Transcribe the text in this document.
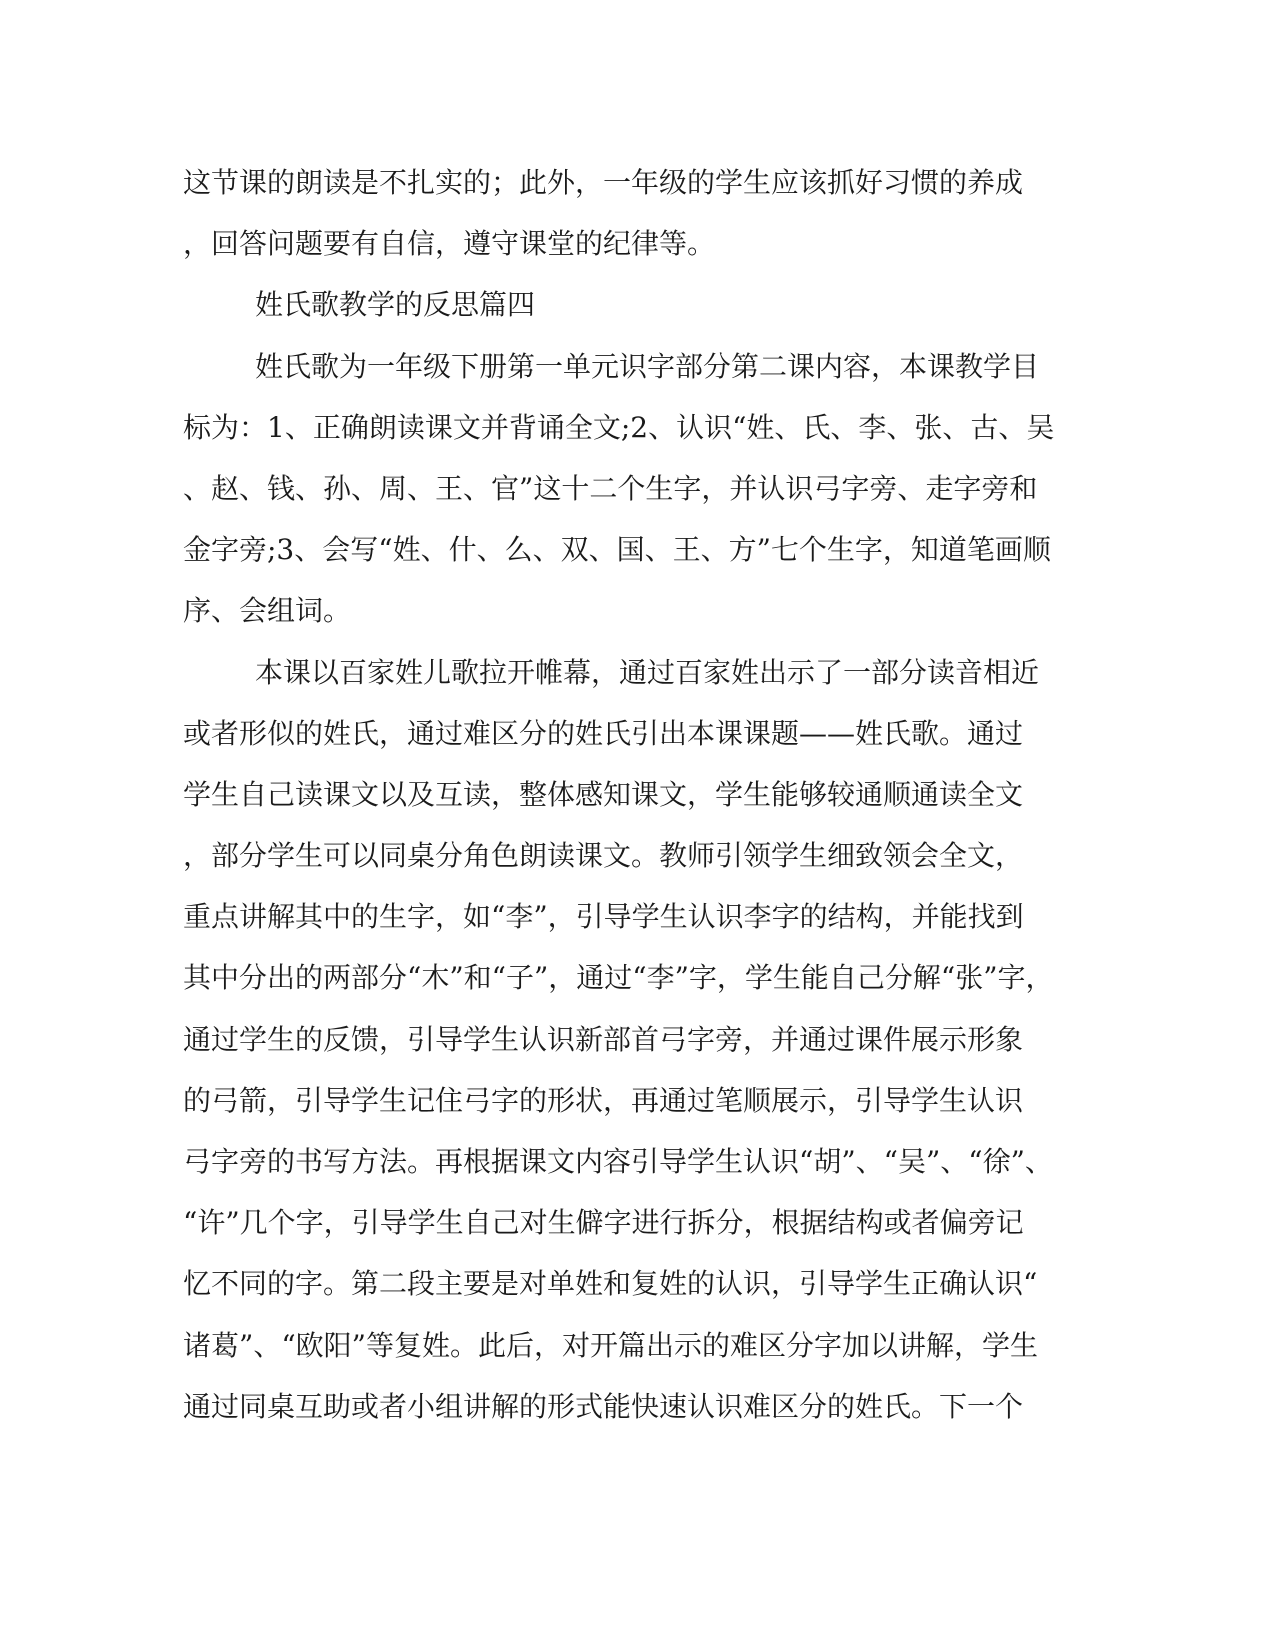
这节课的朗读是不扎实的；此外，一年级的学生应该抓好习惯的养成
，回答问题要有自信，遵守课堂的纪律等。
姓氏歌教学的反思篇四
姓氏歌为一年级下册第一单元识字部分第二课内容，本课教学目
标为：1、正确朗读课文并背诵全文;2、认识“姓、氏、李、张、古、吴
、赵、钱、孙、周、王、官”这十二个生字，并认识弓字旁、走字旁和
金字旁;3、会写“姓、什、么、双、国、王、方”七个生字，知道笔画顺
序、会组词。
本课以百家姓儿歌拉开帷幕，通过百家姓出示了一部分读音相近
或者形似的姓氏，通过难区分的姓氏引出本课课题——姓氏歌。通过
学生自己读课文以及互读，整体感知课文，学生能够较通顺通读全文
，部分学生可以同桌分角色朗读课文。教师引领学生细致领会全文，
重点讲解其中的生字，如“李”，引导学生认识李字的结构，并能找到
其中分出的两部分“木”和“子”，通过“李”字，学生能自己分解“张”字，
通过学生的反馈，引导学生认识新部首弓字旁，并通过课件展示形象
的弓箭，引导学生记住弓字的形状，再通过笔顺展示，引导学生认识
弓字旁的书写方法。再根据课文内容引导学生认识“胡”、“吴”、“徐”、
“许”几个字，引导学生自己对生僻字进行拆分，根据结构或者偏旁记
忆不同的字。第二段主要是对单姓和复姓的认识，引导学生正确认识“
诸葛”、“欧阳”等复姓。此后，对开篇出示的难区分字加以讲解，学生
通过同桌互助或者小组讲解的形式能快速认识难区分的姓氏。下一个
